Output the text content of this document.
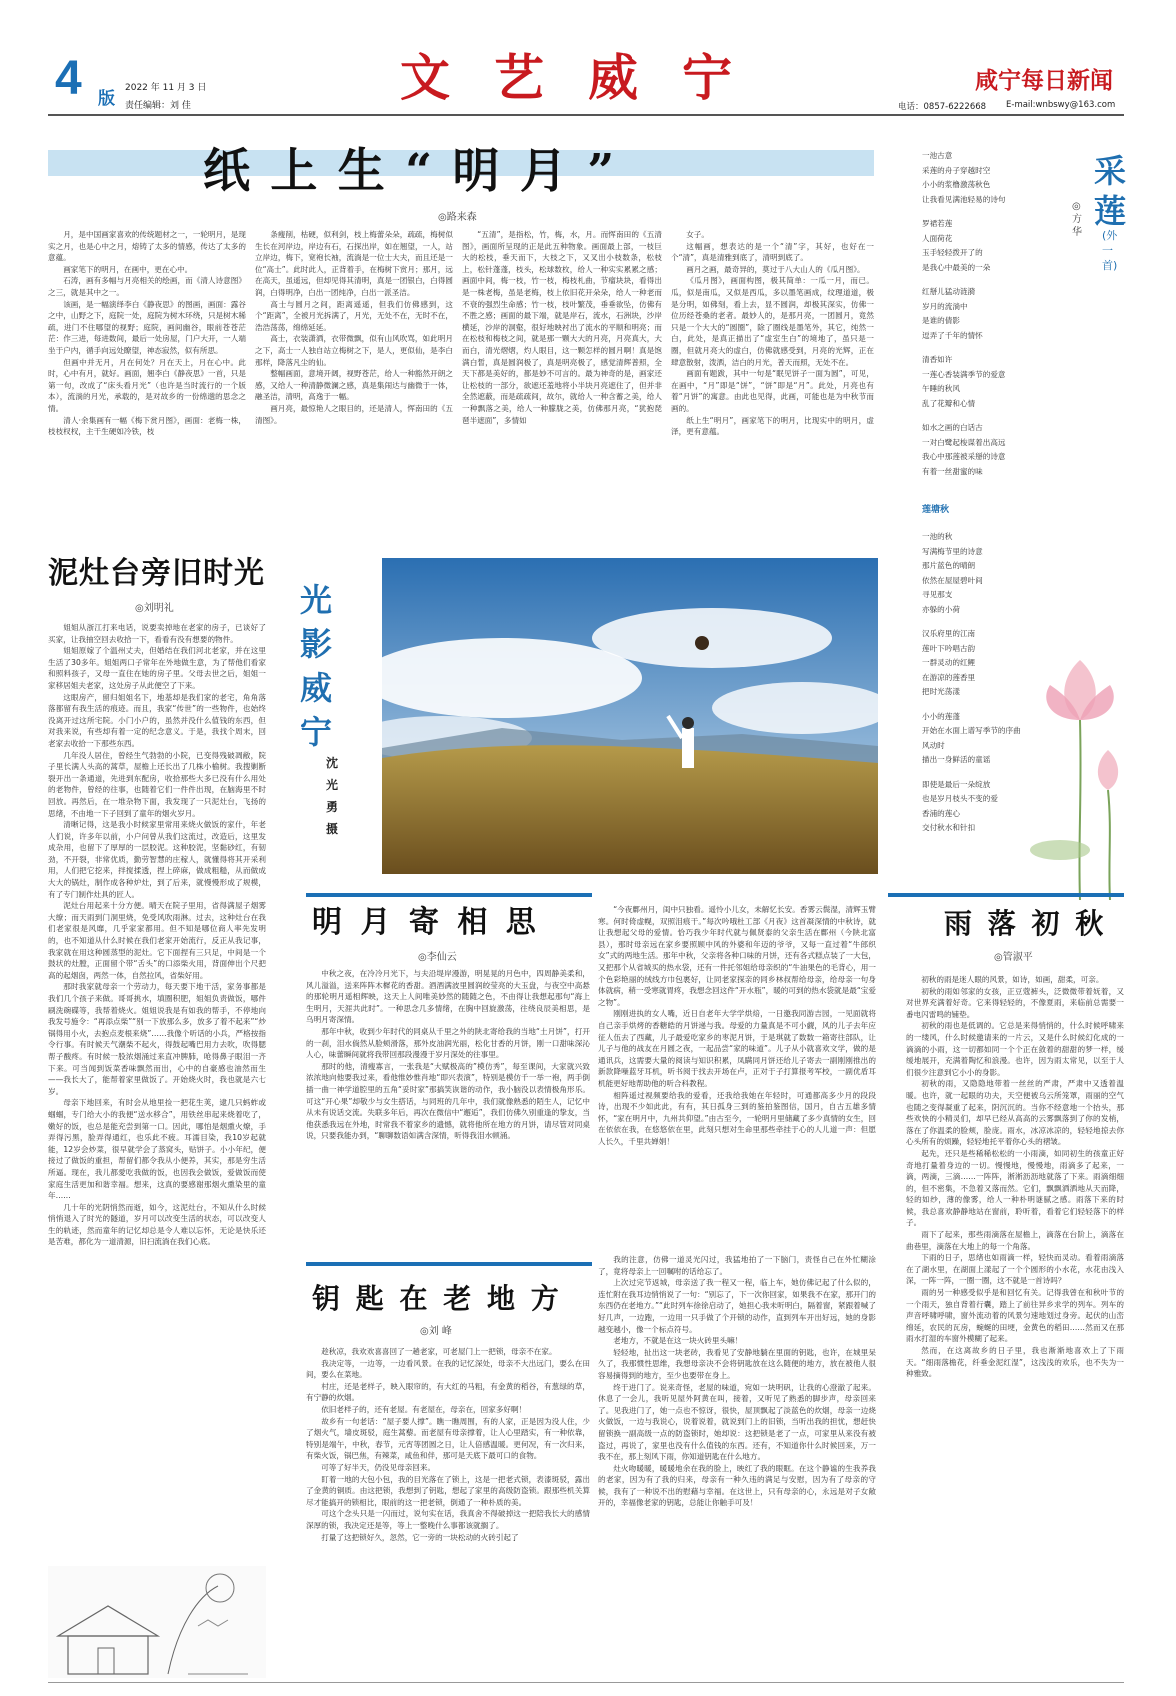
4 版
2022 年 11 月 3 日
责任编辑：刘 佳	文艺威宁	咸宁每日新闻
电话：0857-6222668 E-mail:wnbswy@163.com
纸 上 生 “ 明 月 ”
◎路来森

月，是中国画家喜欢的传统题材之一，一轮明月，是现实之月，也是心中之月，熔铸了太多的情感，传达了太多的意蕴。

画家笔下的明月，在画中，更在心中。

石涛，画有多幅与月亮相关的绘画，而《清人诗意图》之三，就是其中之一。

该画，是一幅演绎李白《静夜思》的图画，画面：露谷之中，山野之下，庭院一处，庭院为树木环绕，只是树木稀疏，进门不住哪望的视野；庭院，画间幽谷，眼前苍苍茫茫：作三进，每进数间，最后一处房屋，门户大开，一人端坐于户内，循手向远处瞭望，神态寂然，似有所思。

但画中并无月，月在何处？月在天上，月在心中。此时，心中有月，就好。画面，翘李白《静夜思》一首，只是第一句，改成了“床头看月光”（也许是当时流行的一个版本），流淌的月光，承载的，是对故乡的一份绵邈的思念之情。

清人·余集画有一幅《梅下赏月图》，画面：老梅一株，枝枝杈杈，主干生硬如冷铁，枝

条瘦削，枯硬，似利剑，枝上梅蕾朵朵，疏疏，梅树似生长在河岸边，岸边有石，石探出岸，如在翘望，一人，站立岸边，梅下，宽袍长袖，流淌是一位士大夫，而且还是一位“高士”。此时此人，正背着手，在梅树下赏月；那月，远在高天，虽遥远，但却见得其清明，真是一团银白，白得圆润，白得明净，白出一团纯净，白出一派圣洁。

高士与圆月之间，距离遥遥，但我们仿佛感到，这个“距离”，全被月光拆满了，月光，无处不在，无时不在，浩浩荡荡，绵绵延延。

高士，衣装潇洒，衣带微飘，似有山风吹骂，如此明月之下，高士一人独自站立梅树之下，是人，更似仙，是李白那样，降落凡尘的仙。

整幅画面，意境开阔，视野苍茫，给人一种豁然开朗之感，又给人一种清静微澜之感，真是集闹达与幽微于一体，融圣洁，清明，高逸于一幅。

画月亮，最惊艳人之眼目的，还是清人，恽南田的《五清图》。

“五清”，是指松，竹，梅，水，月。而恽南田的《五清图》，画面所呈现的正是此五种物象。画面最上部，一枝巨大的松枝，垂天而下，大枝之下，又叉出小枝数条，松枝上，松针蓬蓬，枝头，松球数枚，给人一种实实累累之感；画面中间，梅一枝，竹一枝，梅枝札曲，节瘤块块，看得出是一株老梅，虽是老梅，枝上依旧花开朵朵，给人一种老而不衰的强烈生命感；竹一枝，枝叶繁茂，垂垂欲坠，仿佛有不胜之感；画面的最下端，就是岸石，流水，石洲块，沙岸横延，沙岸的洞壑，很好地映衬出了流水的平顺和明亮；而在松枝和梅枝之间，就是那一颗大大的月亮，月亮真大，大而白，清光熠熠，灼人眼目，这一颗怎样的圆月啊！真是饱满白皙，真是圆润极了，真是明亮极了，感觉清辉普照，全天下都是美好的，都是妙不可言的。最为神奇的是，画家还让松枝的一部分，欲遮还羞地将小半块月亮遮住了，但并非全然遮蔽，而是疏疏间，故尔，就给人一种含蓄之美，给人一种飘落之美，给人一种朦胧之美，仿佛那月亮，“犹抱琵琶半遮面”，多情如

女子。

这幅画，想表达的是一个“清”字，其好，也好在一个“清”，真是清雅到底了，清明到底了。

画月之画，最奇异的，莫过于八大山人的《瓜月图》。

《瓜月图》，画面构图，极其简单：一瓜一月，而已。瓜，似是南瓜，又似是西瓜，多以墨笔画成，纹理道道，极是分明，如佛刻，看上去，显不圆润，却极其深实，仿佛一位历经苍桑的老者。最妙人的，是那月亮，一团圆月，竟然只是一个大大的“圆圈”，除了圈线是墨笔外，其它，纯然一白，此处，是真正描出了“虚室生白”的境地了，虽只是一圈，但就月亮大的虚白，仿佛就感受到，月亮的光辉，正在肆意散射，泼洒，洁白的月光，普天而照，无处不在。

画面有题跋，其中一句是“眠见饼子一面为圆”，可见，在画中，“月”即是“饼”，“饼”即是“月”。此处，月亮也有着“月饼”的寓意。由此也见得，此画，可能也是为中秋节而画的。

纸上生“明月”，画家笔下的明月，比现实中的明月，虚泽，更有意蕴。

一池古意
采莲的舟子穿越时空
小小的浆橹激荡秋色
让我看见满池轻易的诗句
罗裙若莲
人面荷花
玉手轻轻拨开了的
是我心中最美的一朵
红掰儿猛动涟漪
岁月的流淌中
是谁的倩影
逗弄了千年的情怀
清香如许
一莲心香装满季节的爱意
午睡的秋风
乱了花瓣和心情
如水之画的白话古
一对白鹭起梭谋着出高远
我心中那莲被采掰的诗意
有着一丝甜蜜的味
采
莲
(外一首)
◎方 华
莲塘秋
一池的秋
写满梅节里的诗意
那片蓝色的晴朗
依然在屋屋碧叶间
寻见那支
亦躲的小荷
汉乐府里的江南
莲叶下吟唱古韵
一群灵动的红鲤
在游凉的莲香里
把时光荡漾
小小的莲蓬
开始在水面上谱写季节的序曲
风动时
描出一身鲜活的童谣
即使是最后一朵绽放
也是岁月枝头不变的爱
香浦的莲心
交付秋水和针扣
泥灶台旁旧时光
◎刘明礼

姐姐从浙江打来电话，说要卖掉地在老家的房子，已谈好了买家，让我抽空回去收拾一下，看看有没有想要的物件。

姐姐原嫁了个温州丈夫，但婚结在我们河北老家，并在这里生活了30多年。姐姐两口子常年在外地做生意，为了帮他们看家和照料孩子，又母一直住在她的房子里。父母去世之后，姐姐一家移居姐夫老家，这处房子从此便空了下来。

这眼房产，留归姐姐名下，地基却是我们家的老宅，角角落落都留有我生活的痕迹。而且，我家“传世”的一些物件，也始终没离开过这所宅院。小门小户的，虽然并没什么值钱的东西，但对我来说，有些却有着一定的纪念意义。于是，我找个周末，回老家去收拾一下那些东西。

几年没人居住，曾经生气勃勃的小院，已变得残破凋敝，院子里长满人头高的蒿草，屋檐上还长出了几株小榆树。我搜剿断裂开出一条通道，先进到东配房，收拾那些大多已没有什么用处的老物件，曾经的往事，也随着它们一件件出现，在脑海里不时回放。再然后，在一堆杂物下面，我发现了一只泥灶台，飞扬的思绪，不由地一下子回到了童年的烟火岁月。

清晰记得，这是我小时候家里常用来烧火做饭的家什，年老人们说，许多年以前，小户问曾从我们这流过，改造后，这里发成杂用，也留下了厚厚的一层胶泥。这种胶泥，坚黏砂红，有韧劲，不开裂，非常优质，勤劳智慧的庄稼人，就懂得将其开采利用，人们把它挖来，拌搅揉透，捏上碎麻，做成粗糙，从而做成大大的锅灶，制作成各种炉灶，到了后来，就慢慢形成了规模，有了专门制作灶具的匠人。

泥灶台用起来十分方便。晴天在院子里用，省得满屋子烟雾大缭；而天雨到门洞里烧，免受风吹雨淋。过去，这种灶台在我们老家很是风靡，几乎家家都用。但不知是哪位商人率先发明的，也不知道从什么时候在我们老家开始流行，反正从我记事，我家就在用这种圆蒸型的泥灶。它下面捏有三只足，中间是一个鼓状的灶膛，正面留个带“舌头”的口添柴火用，背面伸出个尺把高的起烟囱，两然一体，自然拉风，省柴好用。

那时我家就母亲一个劳动力，每天要下地干活，家务事都是我们几个孩子来做。哥哥挑水，填圈积肥，姐姐负责做饭，哪件刷洗碗碟等，我帮着烧火。姐姐说我是有如我的帮手，不停地向我发号施令：“再添点柴”“别一下放那么多，放多了着不起来”“炒锅得用小火，去抱点麦根来烧”……我像个听话的小兵，严格按指令行事。有时候天气潮柴不起火，得鼓起嘴巴用力去吹，吹得腮帮子酸疼。有时候一股浓烟涌过来直冲脾肺，呛得鼻子眼泪一齐下来。可当闻到饭菜香味飘然而出，心中的自豪感也油然而生——我长大了，能帮着家里做饭了。开始烧火时，我也就是六七岁。

母亲下地回来，有时会从地里捡一把花生荚，逮几只蚂蚱或蝈蝈，专门给大小的我便“送水移合”，用铁丝串起来烧着吃了，嫩好的饭，也总是能充尝到第一口。因此，哪怕是烟熏火燎，手弄得污黑，脸弄得通红，也乐此不疲。耳濡目染，我10岁起就能，12岁会炒菜，很早就学会了蒸窝头，贴饼子。小小年纪，便接过了做饭的重担，帮留们都令我从小便养，其实，那是穷生活所逼。现在，我儿都愛吃我做的饭，也因我会做饭，爱做饭而使家庭生活更加和谐幸福。想来，这真的要感谢那烟火熏染里的童年……

几十年的光阴悄然而逝，如今，这泥灶台，不知从什么时候悄悄退入了时光的隧道，岁月可以改变生活的状态，可以改变人生的轨迹，然而童年的记忆却总是令人难以忘怀，无论是快乐还是苦难，都化为一道清源，旧扫流淌在我们心底。

光影威宁
沈光勇摄
明 月 寄 相 思
◎李仙云

中秋之夜，在冷冷月光下，与夫沿堤岸漫游，明晃晃的月色中，四周静美柔和，风儿溢溢，送来阵阵木樨花的香甜。酒酒满波里圆润皎莹亮的大玉盘，与夜空中高悬的那轮明月遥相辉映，这天上人间唯美妙然的随随之色，不由得让我想起那句“海上生明月，天涯共此时”。一种思念几多情绪，在胸中回旋激荡，往绕良辰美相思，是乌明月寄深情。

那年中秋，收到少年时代的同桌从千里之外的陕北寄给我的当地“土月饼”，打开的一刹，泪水倘然从脸颊滑落，那外皮油润光丽，松化甘香的月饼，刚一口甜味深沁人心，味蕾瞬间就将我带回那段漫漫于岁月深处的往事里。

那时的他，清瘦寡言，一张我是“大赋极高的”模仿秀”，每至课间，大家就兴致浓浓地向他要我过来，看他惟妙惟肖地“即兴表演”，特别是模仿千一举一袍，两手倒插一曲一神学道腔里的五角“妥时家”那搞笑诙谐的动作，我小脑没以表情极角形乐。可这“开心果”却敬少与女生搭话，与同班的几年中，我们就像熟悉的陌生人，记忆中从未有说话交流。失联多年后，再次在微信中“邂逅”，我们仿佛久别重逢的挚友，当他获悉我远在外地，时常我不着家乡的遗憾，就将他所在地方的月饼，请尽管对同桌说，只要我能办到，“聊聊数语如满含深情，听得我泪水顿涌。

“今夜鄜州月，闺中只独看。遥怜小儿女，未解忆长安。香雾云鬓湿，清辉玉臂寒。何时倚虚幌，双照泪痕干。”每次吟哦杜工部《月夜》这首凝深情的中秋诗，就让我想起父母的爱情。恰巧我少年时代就与佩贤泰的父亲生活在鄜州（今陕北富县），那时母亲远在家乡要照顾中风的外婆和年迈的爷爷，又每一直过着“牛郎织女”式的两地生活。那年中秋，父亲将各种口味的月饼，还有各式糕点装了一大包，又把那个从省城买的热水袋，还有一件托邻姐给母亲织的“牛油果色的毛背心，用一个色彩艳丽的绒线方巾包裹好，让同老家探亲的同乡林叔帮给母亲，给母亲一句身体就病，稍一受寒就胃疼，我想念回这件“开水瓶”，暖的可到的热水袋就是最“宝爱之物”。

刚刚进执的女人嘴，近日自老年大学学烘焙，一日邀我同游吉园，一见面就将自己亲手烘烤的香糖皓的月饼递与我。母爱的力量真是不可小觑，风的儿子去年应征人伍去了西藏，儿子最爱吃家乡的枣泥月饼，于是琪就了数数一箱寄往部队，让儿子与他的战友在月圆之夜，一起品尝“家的味道”。儿子从小就喜欢文学，做的是通讯兵，这需要大量的阅读与知识积累，凤瞒同月饼还给儿子寄去一副刚刚推出的新款降噪蓝牙耳机，听书阅于找去开场在卢，正对于子打算报考军校，一副优盾耳机能更好地帮助他的听合科教程。

相阵遥过视频要给我的爱看，还我给我她在年轻时，可通都高多少月的段段诗，出现不少如此此，有有，其日孤身三到的鉴拍鉴图信，国月，自古五雄多情怀，“家在明月中，九州共仰望。”由古至今，一轮明月里储藏了多少真情的女生，回在依依在我，在悠悠依在里，此刻只想对生命里那些牵挂于心的人儿道一声：但愿人长久，千里共婵娟！

雨 落 初 秋
◎管淑平

初秋的雨是迷人眼的风景，如诗，如画，甜柔，可亲。

初秋的雨如邻家的女孩，正豆蔻裤头，泛微微带着妩着，又对世界充满着好奇。它来得轻轻的，不像夏雨，来临前总需要一番电闪雷鸣的铺垫。

初秋的雨也是低调的。它总是来得悄悄的，什么时候呼啸来的一缕风，什么时候邀请来的一片云，又是什么时候幻化成的一滴滴的小雨，这一切都如同一个个正在敛着的甜甜的梦一样，缓缓地展开，充满着陶忆和浪漫。也许，因为雨太常见，以至于人们很少注意到它小小的身影。

初秋的雨，又隐隐地带着一丝丝的严肃，严肃中又透着温暖。也许，就一起眼的功夫，天空便被乌云所笼罩，雨丽的空气也随之变得凝重了起来，阴沉沉的。当你不经意地一个抬头，那些欢快的小精灵们，却早已经从高高的云雾飘落到了你的发梢，落在了你温柔的脸颊，脸庞。雨水，冰凉冰凉的，轻轻地掠去你心头所有的烦躁，轻轻地托平着你心头的褶皱。

起先，还只是些稀稀松松的一小雨滴，如同初生的孩童正好奇地打量着身边的一切。慢慢地，慢慢地，雨滴多了起来，一滴，两滴，三滴……一阵阵，淅淅沥沥地就落了下来。雨滴细细的，但不密集，不急着又落而然。它们，飘飘洒洒地从天而降，轻的如纱，薄的像雾，给人一种朴明谜腻之感。雨落下来的时候，我总喜欢静静地站在窗前，聆听着，看着它们轻轻落下的样子。

雨下了起来，那些雨滴落在屋檐上，滴落在台阶上，滴落在曲巷里，滴落在大地上的每一个角落。

下雨的日子，思绪也如雨滴一样，轻快而灵动。看着雨滴落在了湖水里，在湖面上漾起了一个个圆形的小水花，水花由浅入深，一阵一阵，一圈一圈，这不就是一首诗吗？

雨的另一种感受似乎是和回忆有关。记得我曾在和秋叶节的一个雨天，独自背着行囊，踏上了前往异乡求学的列车。列车的声音呼啸呼啸，窗外流动着的风景匀速地划过身旁。起伏的山峦绵延，农民的瓦房，蜿蜒的田埂，金黄色的稻田……然而又在那雨水打湿的车窗外模糊了起来。

然而，在这离故乡的日子里，我也渐渐地喜欢上了下雨天。“细雨落檐花，纤垂金泥红湿”，这浅浅的欢乐，也不失为一种雅致。

钥 匙 在 老 地 方
◎刘 峰

趁秋凉，我欢欢喜喜回了一趟老家，可老屋门上一把锁，母亲不在家。

我决定等，一边等，一边看风景。在我的记忆深处，母亲不大出远门，要么在田间，要么在菜地。

村庄，还是老样子，映入眼帘的，有大红的马粗，有金黄的稻谷，有葱绿的草，有宁静的炊烟。

依旧老样子的，还有老屋。有老屋在，母亲在，回家多好啊！

故乡有一句老话：“屋子要人撑”。瞧一瞧周围，有的人家，正是因为没人住，少了烟火气，墙皮斑驳，庭生蒿藜。而老屋有母亲撑着，让人心里踏实，有一种依靠，特别是端午，中秋，春节，元宵等团圆之日，让人倍感温暖。更何况，有一次归来，有柴火饭，锅巴焦，有辣菜，咸鱼和伴，那可是天底下最可口的食物。

可等了好半天，仍没见母亲回来。

盯着一地的大包小包，我的目光落在了锁上，这是一把老式锁，表漆斑驳，露出了金黄的铜质。由这把锁，我想到了钥匙，想起了家里的高级防盗锁。跟那些机关算尽才能搞开的锁相比，眼前的这一把老锁，倒通了一种朴质的美。

可这个念头只是一闪而过，说句实在话，我真舍不得破掉这一把陪我长大的感情深厚的锁，我决定还是等，等上一整晚什么事都该就搁了。

打量了这把锁好久，忽然，它一旁的一块松动的火砖引起了

我的注意，仿佛一道灵光闪过，我猛地拍了一下脑门，责怪自己在外忙糊涂了，竟将母亲上一回嘱咐的话给忘了。

上次过完节返城，母亲送了我一程又一程，临上车，她仿佛记起了什么似的，连忙附在我耳边悄悄说了一句：“别忘了，下一次你回家，如果我不在家，那开门的东西仍在老地方。”“此时列车徐徐启动了，她担心我未听明白，隔着窗，紧跟着喊了好几声，一边跑，一边用一只手做了个开锁的动作，直到列车开出好远，她的身影越变越小，像一个标点符号。

老地方，不就是在这一块火砖里头嘛！

轻轻地，扯出这一块老砖，我看见了安静地躺在里面的钥匙，也许，在城里呆久了，我那惯性思维，我想母亲决不会将钥匙放在这么随便的地方，放在被他人很容易摘得到的地方，至少也要带在身上。

终于进门了。说来奇怪，老屋的味道，宛如一块明矾，让我的心澄澈了起来。休息了一会儿，我听见屋外阿黄在叫，接着，又听见了熟悉的脚步声，母亲回来了。见我进门了，她一点也不惊讶，很快，屋顶飘起了淡蓝色的炊烟，母亲一边烧火做饭，一边与我说心，说着说着，就说到门上的旧锁，当听出我的担忧，想赶快留锁换一副高级一点的防盗锁时，她却说：这把锁是老了一点，可家里从来没有被盗过，再说了，家里也没有什么值钱的东西。还有，不知道你什么时候回来，万一我不在，那上刻风下雨，你知道钥匙在什么地方。

灶火吻暖暖，暖暖地余在我的脸上，映红了我的眼眶。在这个静谧的生我养我的老家，因为有了我的归来，母亲有一种久违的满足与安慰，因为有了母亲的守候，我有了一种说不出的慰藉与幸福。在这世上，只有母亲的心，永远是对子女敞开的，幸福像老家的钥匙，总能让你触手可及！
